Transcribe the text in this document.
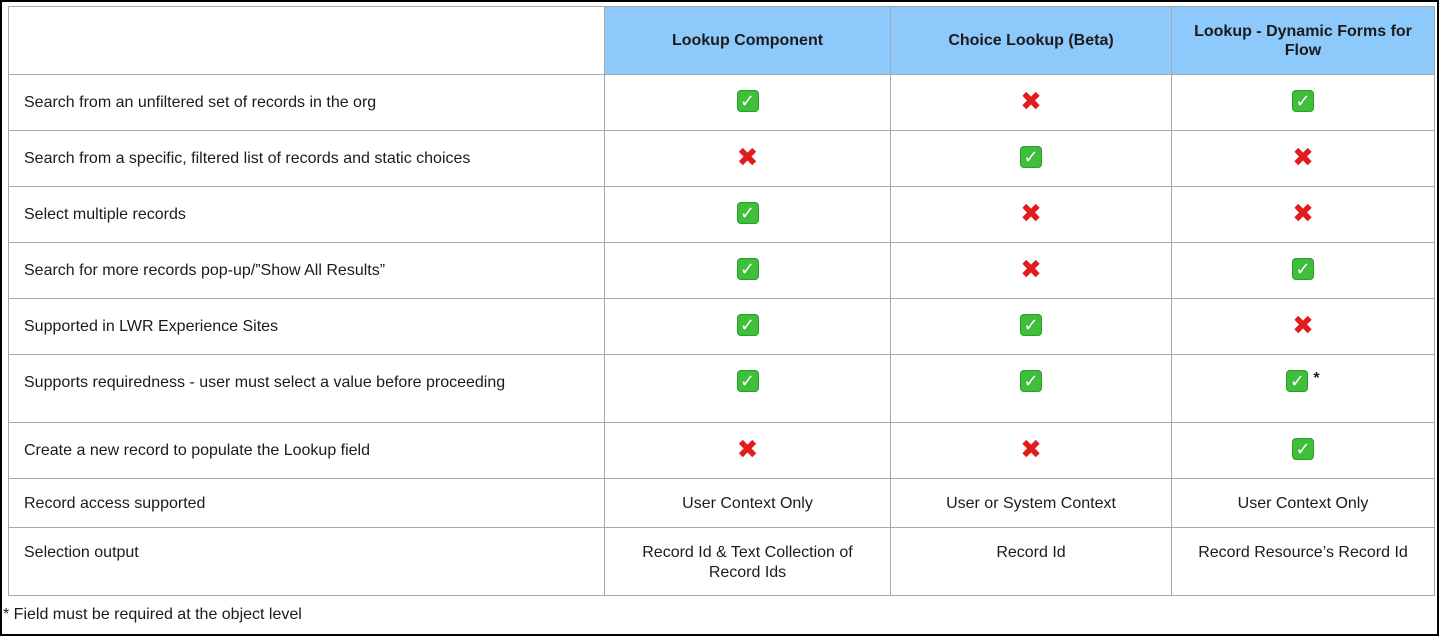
	Lookup Component	Choice Lookup (Beta)	Lookup - Dynamic Forms for Flow
Search from an unfiltered set of records in the org	✓	✖	✓
Search from a specific, filtered list of records and static choices	✖	✓	✖
Select multiple records	✓	✖	✖
Search for more records pop-up/”Show All Results”	✓	✖	✓
Supported in LWR Experience Sites	✓	✓	✖
Supports requiredness - user must select a value before proceeding	✓	✓	✓ *
Create a new record to populate the Lookup field	✖	✖	✓
Record access supported	User Context Only	User or System Context	User Context Only
Selection output	Record Id & Text Collection of Record Ids	Record Id	Record Resource’s Record Id
* Field must be required at the object level
